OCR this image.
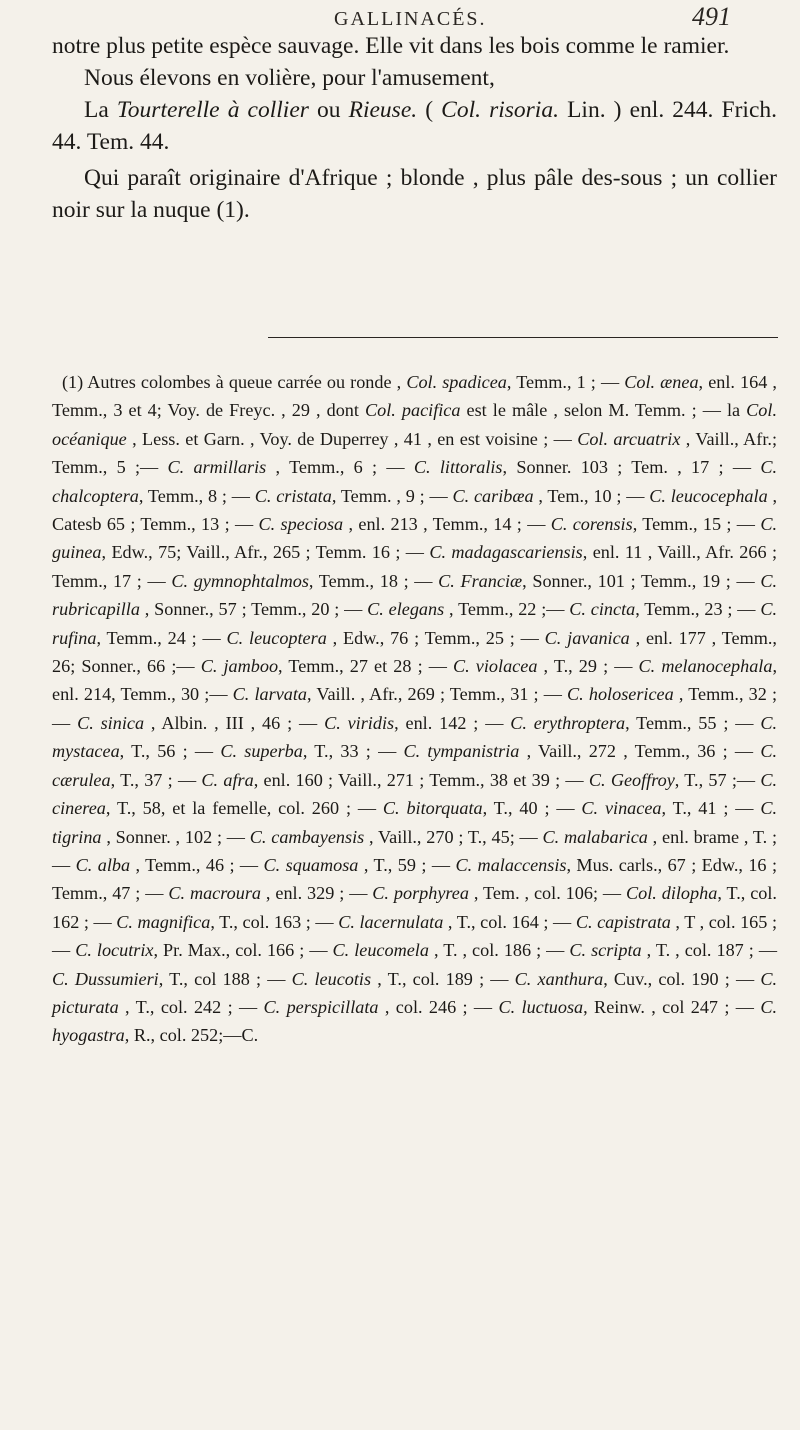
GALLINACÉS.	491

notre plus petite espèce sauvage. Elle vit dans les bois comme le ramier.

Nous élevons en volière, pour l'amusement,

La Tourterelle à collier ou Rieuse. ( Col. risoria. Lin. ) enl. 244. Frich. 44. Tem. 44.

Qui paraît originaire d'Afrique ; blonde , plus pâle des-sous ; un collier noir sur la nuque (1).

(1) Autres colombes à queue carrée ou ronde , Col. spadicea, Temm., 1 ; — Col. ænea, enl. 164 , Temm., 3 et 4; Voy. de Freyc. , 29 , dont Col. pacifica est le mâle , selon M. Temm. ; — la Col. océanique , Less. et Garn. , Voy. de Duperrey , 41 , en est voisine ; — Col. arcuatrix , Vaill., Afr.; Temm., 5 ;— C. armillaris , Temm., 6 ; — C. littoralis, Sonner. 103 ; Tem. , 17 ; — C. chalcoptera, Temm., 8 ; — C. cristata, Temm. , 9 ; — C. caribæa , Tem., 10 ; — C. leucocephala , Catesb 65 ; Temm., 13 ; — C. speciosa , enl. 213 , Temm., 14 ; — C. corensis, Temm., 15 ; — C. guinea, Edw., 75; Vaill., Afr., 265 ; Temm. 16 ; — C. madagascariensis, enl. 11 , Vaill., Afr. 266 ; Temm., 17 ; — C. gymnophtalmos, Temm., 18 ; — C. Franciæ, Sonner., 101 ; Temm., 19 ; — C. rubricapilla , Sonner., 57 ; Temm., 20 ; — C. elegans , Temm., 22 ;— C. cincta, Temm., 23 ; — C. rufina, Temm., 24 ; — C. leucoptera , Edw., 76 ; Temm., 25 ; — C. javanica , enl. 177 , Temm., 26; Sonner., 66 ;— C. jamboo, Temm., 27 et 28 ; — C. violacea , T., 29 ; — C. melanocephala, enl. 214, Temm., 30 ;— C. larvata, Vaill. , Afr., 269 ; Temm., 31 ; — C. holosericea , Temm., 32 ; — C. sinica , Albin. , III , 46 ; — C. viridis, enl. 142 ; — C. erythroptera, Temm., 55 ; — C. mystacea, T., 56 ; — C. superba, T., 33 ; — C. tympanistria , Vaill., 272 , Temm., 36 ; — C. cærulea, T., 37 ; — C. afra, enl. 160 ; Vaill., 271 ; Temm., 38 et 39 ; — C. Geoffroy, T., 57 ;— C. cinerea, T., 58, et la femelle, col. 260 ; — C. bitorquata, T., 40 ; — C. vinacea, T., 41 ; — C. tigrina , Sonner. , 102 ; — C. cambayensis , Vaill., 270 ; T., 45; — C. malabarica , enl. brame , T. ; — C. alba , Temm., 46 ; — C. squamosa , T., 59 ; — C. malaccensis, Mus. carls., 67 ; Edw., 16 ; Temm., 47 ; — C. macroura , enl. 329 ; — C. porphyrea , Tem. , col. 106; — Col. dilopha, T., col. 162 ; — C. magnifica, T., col. 163 ; — C. lacernulata , T., col. 164 ; — C. capistrata , T , col. 165 ; — C. locutrix, Pr. Max., col. 166 ; — C. leucomela , T. , col. 186 ; — C. scripta , T. , col. 187 ; — C. Dussumieri, T., col 188 ; — C. leucotis , T., col. 189 ; — C. xanthura, Cuv., col. 190 ; — C. picturata , T., col. 242 ; — C. perspicillata , col. 246 ; — C. luctuosa, Reinw. , col 247 ; — C. hyogastra, R., col. 252;—C.
